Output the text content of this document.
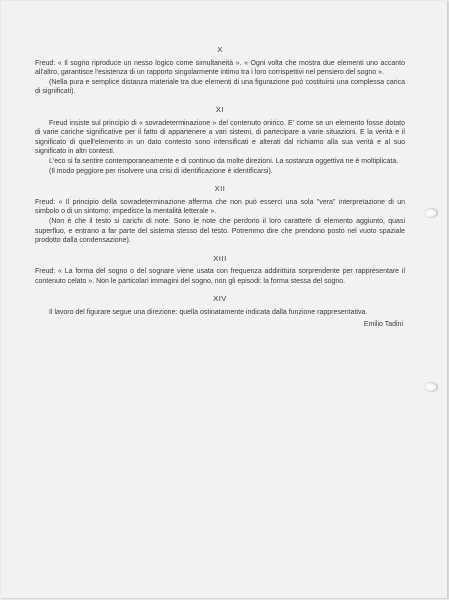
X

Freud: « Il sogno riproduce un nesso logico come simultaneità ». « Ogni volta che mostra due elementi uno accanto all'altro, garantisce l'esistenza di un rapporto singolarmente intimo tra i loro corrispettivi nel pensiero del sogno ».

(Nella pura e semplice distanza materiale tra due elementi di una figurazione può costituirsi una complessa carica di significati).

XI

Freud insiste sul principio di « sovradeterminazione » del contenuto onirico. E' come se un elemento fosse dotato di varie cariche significative per il fatto di appartenere a vari sistemi, di partecipare a varie situazioni. E la verità e il significato di quell'elemento in un dato contesto sono intensificati e alterati dal richiamo alla sua verità e al suo significato in altri contesti.

L'eco si fa sentire contemporaneamente e di continuo da molte direzioni. La sostanza oggettiva ne è moltiplicata.

(Il modo peggiore per risolvere una crisi di identificazione è identificarsi).

XII

Freud: « Il principio della sovradeterminazione afferma che non può esserci una sola "vera" interpretazione di un simbolo o di un sintomo: impedisce la mentalità letterale ».

(Non è che il testo si carichi di note. Sono le note che perdono il loro carattere di elemento aggiunto, quasi superfluo, e entrano a far parte del sistema stesso del testo. Potremmo dire che prendono posto nel vuoto spaziale prodotto dalla condensazione).

XIII

Freud: « La forma del sogno o del sognare viene usata con frequenza addirittura sorprendente per rappresentare il contenuto celato ». Non le particolari immagini del sogno, non gli episodi: la forma stessa del sogno.

XIV

Il lavoro del figurare segue una direzione: quella ostinatamente indicata dalla funzione rappresentativa.

Emilio Tadini
